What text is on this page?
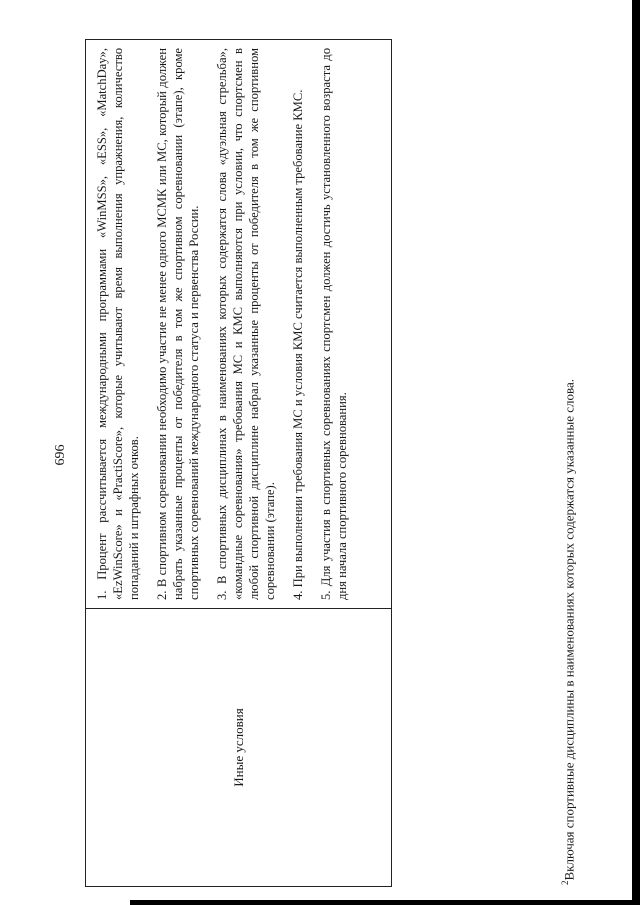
696
Иные условия

1. Процент рассчитывается международными программами «WinMSS», «ESS», «MatchDay», «EzWinScore» и «PractiScore», которые учитывают время выполнения упражнения, количество попаданий и штрафных очков. 2. В спортивном соревновании необходимо участие не менее одного МСМК или МС, который должен набрать указанные проценты от победителя в том же спортивном соревновании (этапе), кроме спортивных соревнований международного статуса и первенства России. 3. В спортивных дисциплинах в наименованиях которых содержатся слова «дуэльная стрельба», «командные соревнования» требования МС и КМС выполняются при условии, что спортсмен в любой спортивной дисциплине набрал указанные проценты от победителя в том же спортивном соревновании (этапе). 4. При выполнении требования МС и условия КМС считается выполненным требование КМС. 5. Для участия в спортивных соревнованиях спортсмен должен достичь установленного возраста до дня начала спортивного соревнования.

$^2$Включая спортивные дисциплины в наименованиях которых содержатся указанные слова.
